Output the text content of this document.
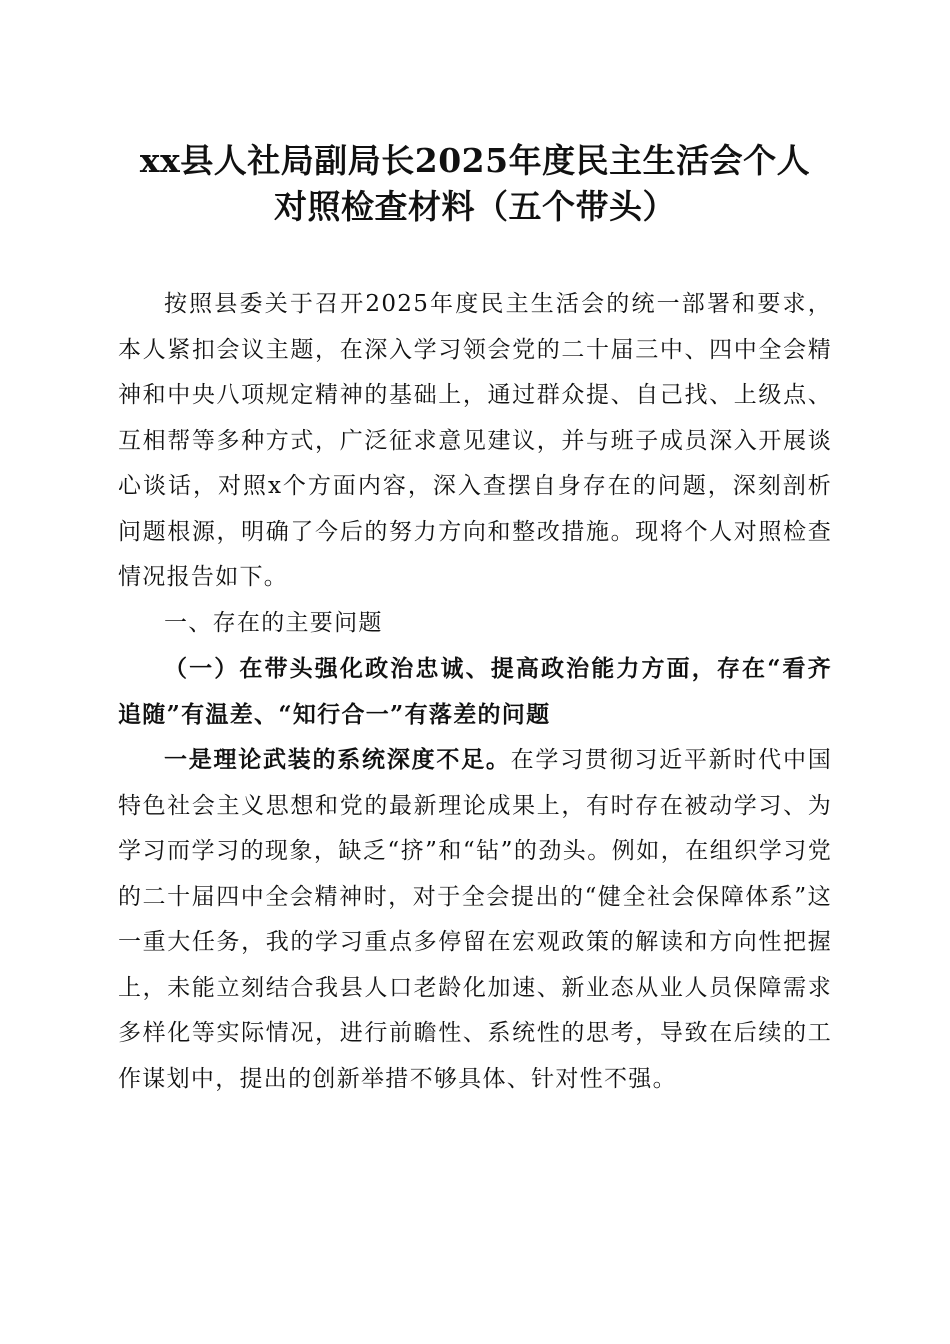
xx县人社局副局长2025年度民主生活会个人
对照检查材料（五个带头）

按照县委关于召开2025年度民主生活会的统一部署和要求，本人紧扣会议主题，在深入学习领会党的二十届三中、四中全会精神和中央八项规定精神的基础上，通过群众提、自己找、上级点、互相帮等多种方式，广泛征求意见建议，并与班子成员深入开展谈心谈话，对照x个方面内容，深入查摆自身存在的问题，深刻剖析问题根源，明确了今后的努力方向和整改措施。现将个人对照检查情况报告如下。

一、存在的主要问题

（一）在带头强化政治忠诚、提高政治能力方面，存在“看齐追随”有温差、“知行合一”有落差的问题

一是理论武装的系统深度不足。在学习贯彻习近平新时代中国特色社会主义思想和党的最新理论成果上，有时存在被动学习、为学习而学习的现象，缺乏“挤”和“钻”的劲头。例如，在组织学习党的二十届四中全会精神时，对于全会提出的“健全社会保障体系”这一重大任务，我的学习重点多停留在宏观政策的解读和方向性把握上，未能立刻结合我县人口老龄化加速、新业态从业人员保障需求多样化等实际情况，进行前瞻性、系统性的思考，导致在后续的工作谋划中，提出的创新举措不够具体、针对性不强。
